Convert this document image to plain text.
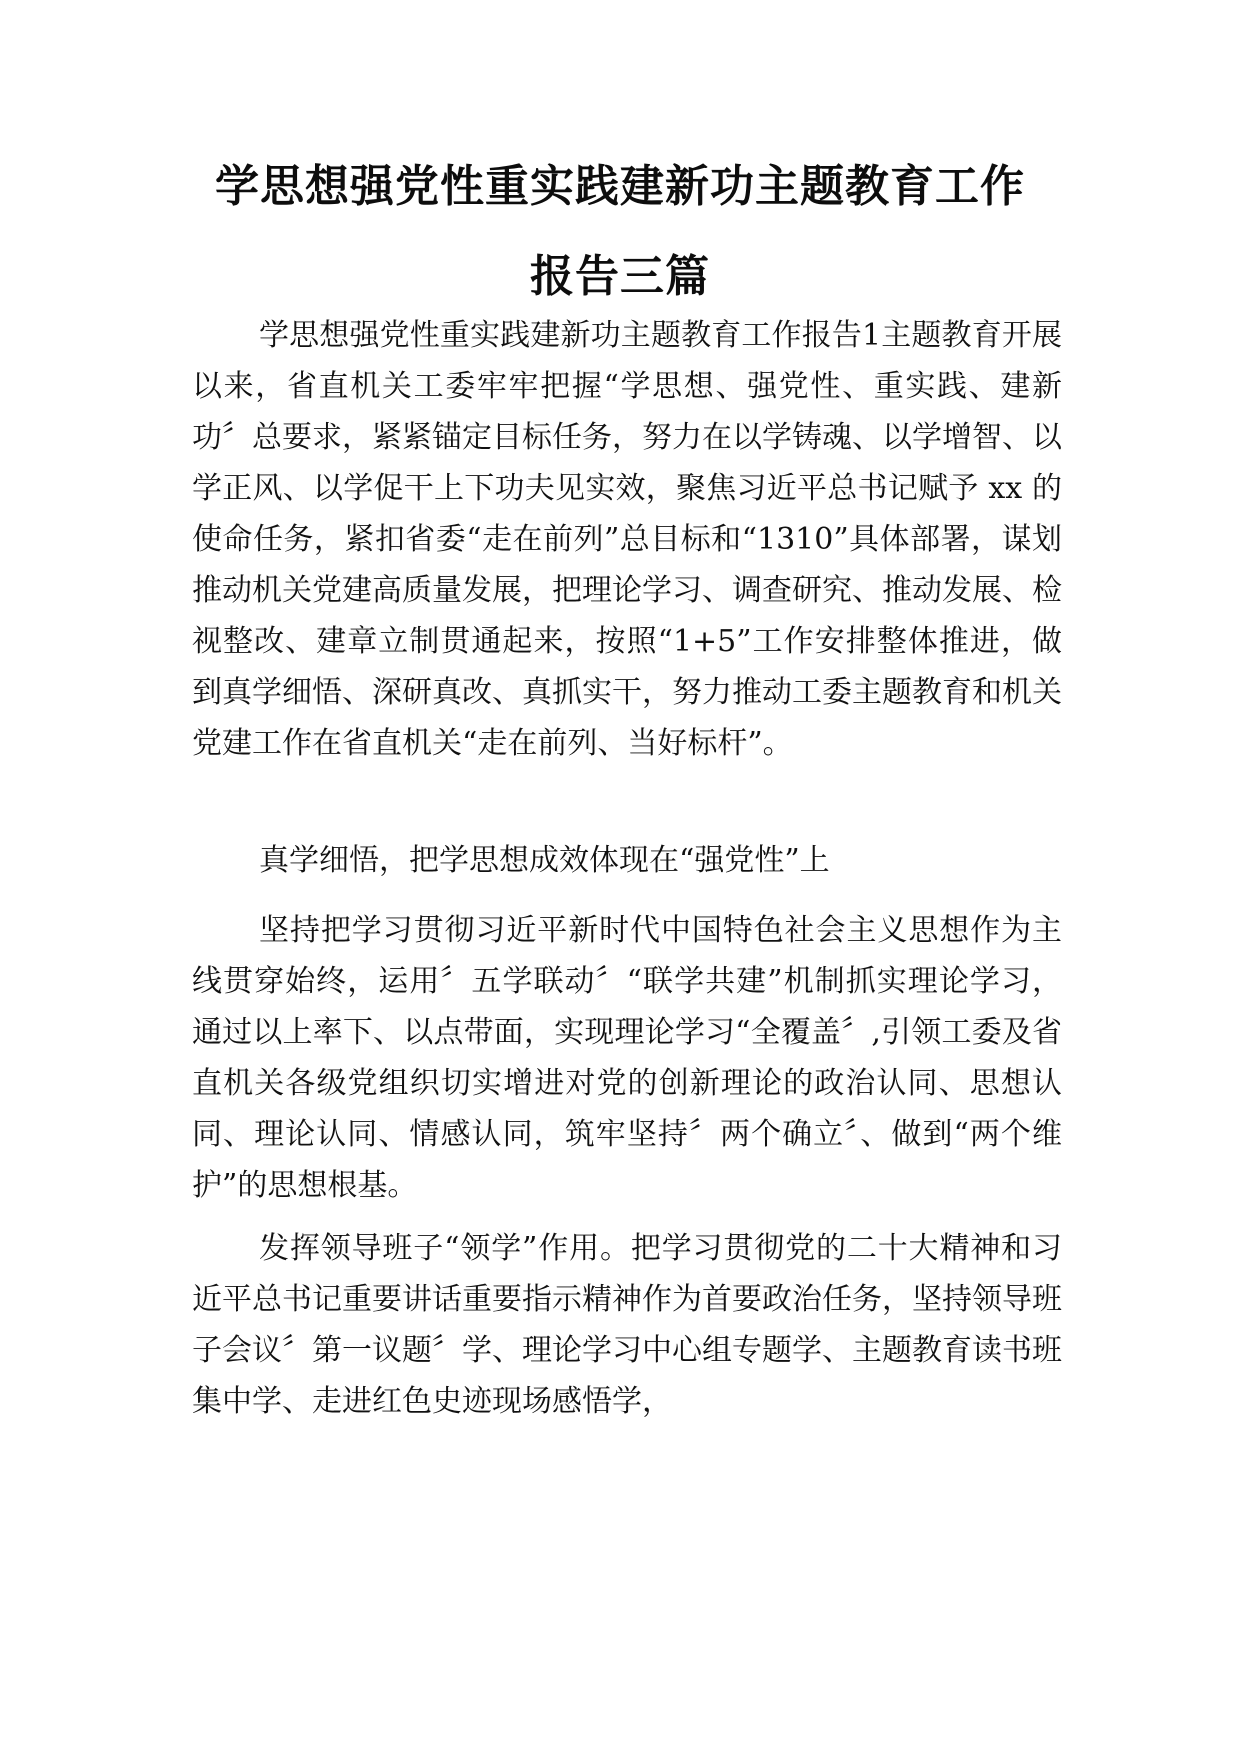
学思想强党性重实践建新功主题教育工作
报告三篇

学思想强党性重实践建新功主题教育工作报告1主题教育开展以来，省直机关工委牢牢把握“学思想、强党性、重实践、建新功〞总要求，紧紧锚定目标任务，努力在以学铸魂、以学增智、以学正风、以学促干上下功夫见实效，聚焦习近平总书记赋予 xx 的使命任务，紧扣省委“走在前列”总目标和“1310”具体部署，谋划推动机关党建高质量发展，把理论学习、调查研究、推动发展、检视整改、建章立制贯通起来，按照“1+5”工作安排整体推进，做到真学细悟、深研真改、真抓实干，努力推动工委主题教育和机关党建工作在省直机关“走在前列、当好标杆”。

真学细悟，把学思想成效体现在“强党性”上

坚持把学习贯彻习近平新时代中国特色社会主义思想作为主线贯穿始终，运用〞五学联动〞“联学共建”机制抓实理论学习，通过以上率下、以点带面，实现理论学习“全覆盖〞,引领工委及省直机关各级党组织切实增进对党的创新理论的政治认同、思想认同、理论认同、情感认同，筑牢坚持〞两个确立〞、做到“两个维护”的思想根基。

发挥领导班子“领学”作用。把学习贯彻党的二十大精神和习近平总书记重要讲话重要指示精神作为首要政治任务，坚持领导班子会议〞第一议题〞学、理论学习中心组专题学、主题教育读书班集中学、走进红色史迹现场感悟学，
